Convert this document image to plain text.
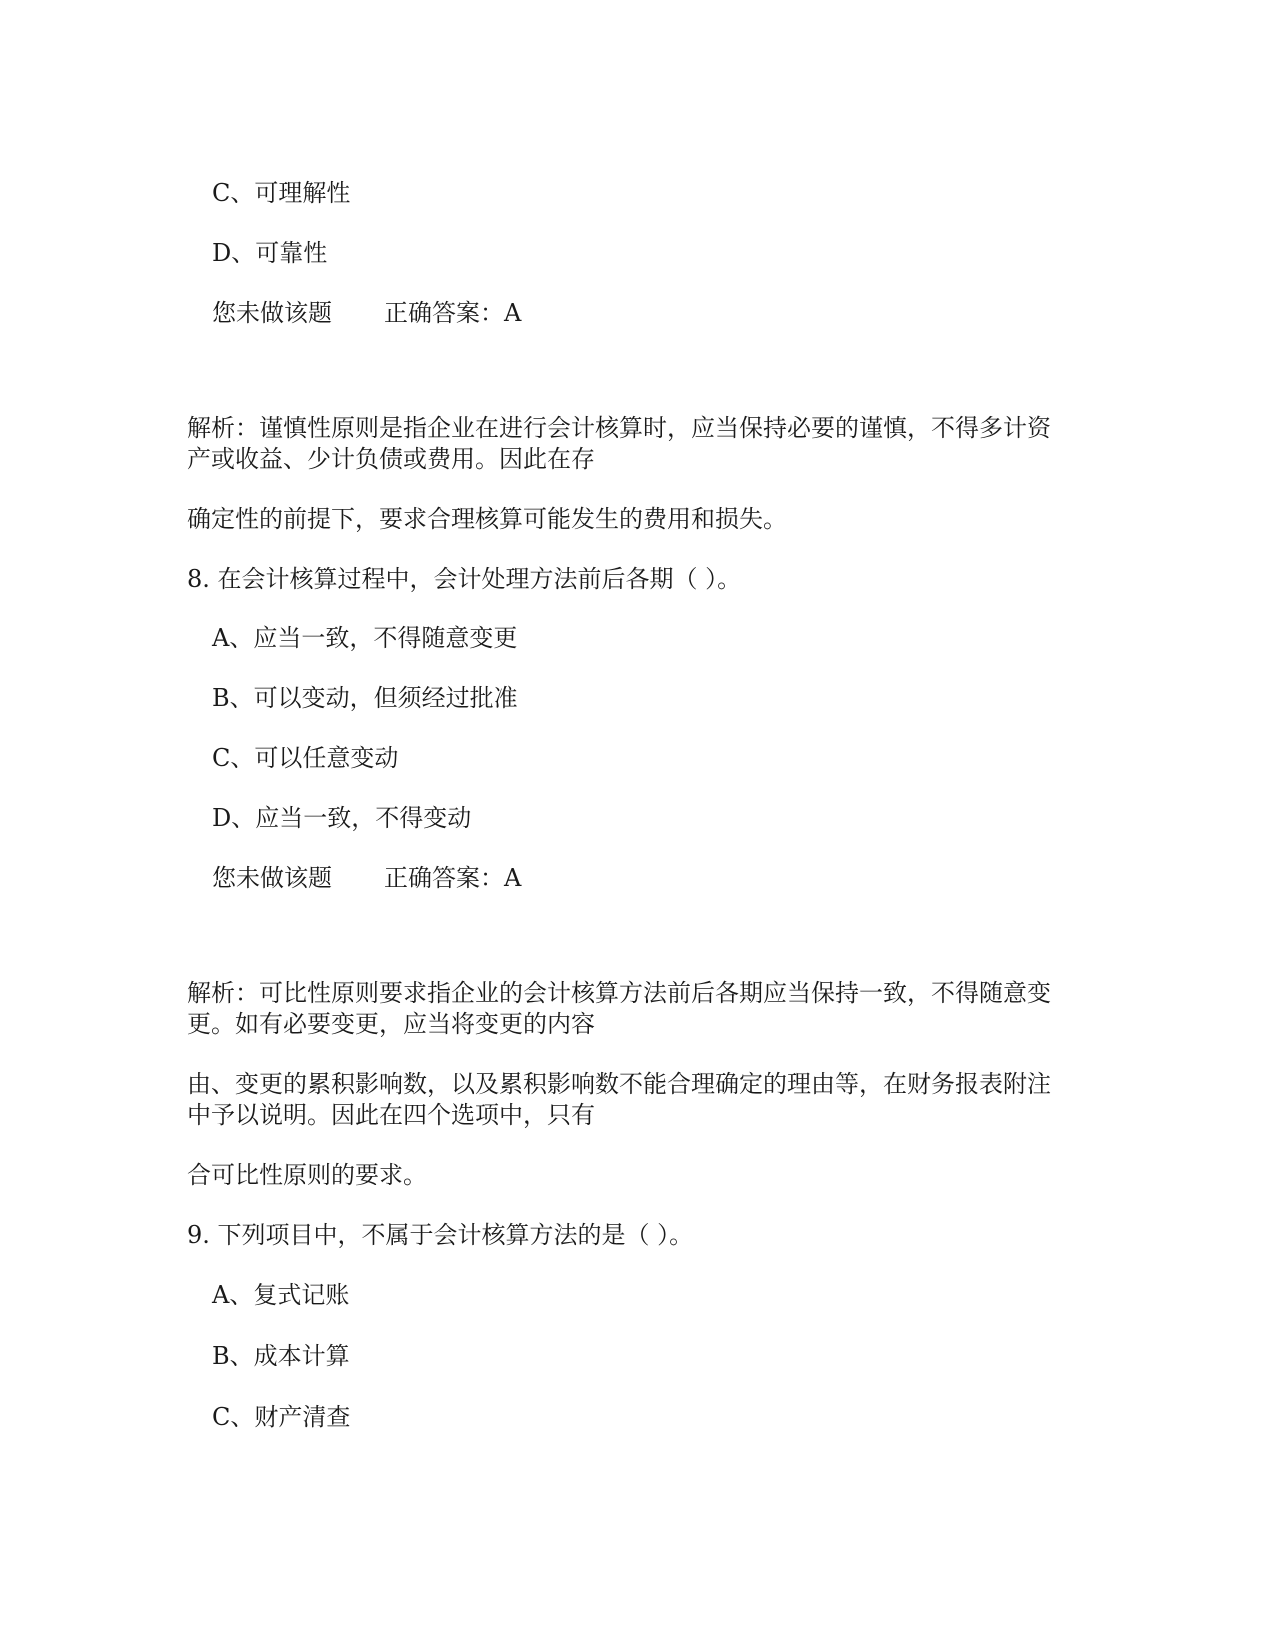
C、可理解性
D、可靠性
您未做该题 正确答案：A
解析：谨慎性原则是指企业在进行会计核算时，应当保持必要的谨慎，不得多计资
产或收益、少计负债或费用。因此在存
确定性的前提下，要求合理核算可能发生的费用和损失。
8. 在会计核算过程中，会计处理方法前后各期（ ）。
A、应当一致，不得随意变更
B、可以变动，但须经过批准
C、可以任意变动
D、应当一致，不得变动
您未做该题 正确答案：A
解析：可比性原则要求指企业的会计核算方法前后各期应当保持一致，不得随意变
更。如有必要变更，应当将变更的内容
由、变更的累积影响数，以及累积影响数不能合理确定的理由等，在财务报表附注
中予以说明。因此在四个选项中，只有
合可比性原则的要求。
9. 下列项目中，不属于会计核算方法的是（ ）。
A、复式记账
B、成本计算
C、财产清查
